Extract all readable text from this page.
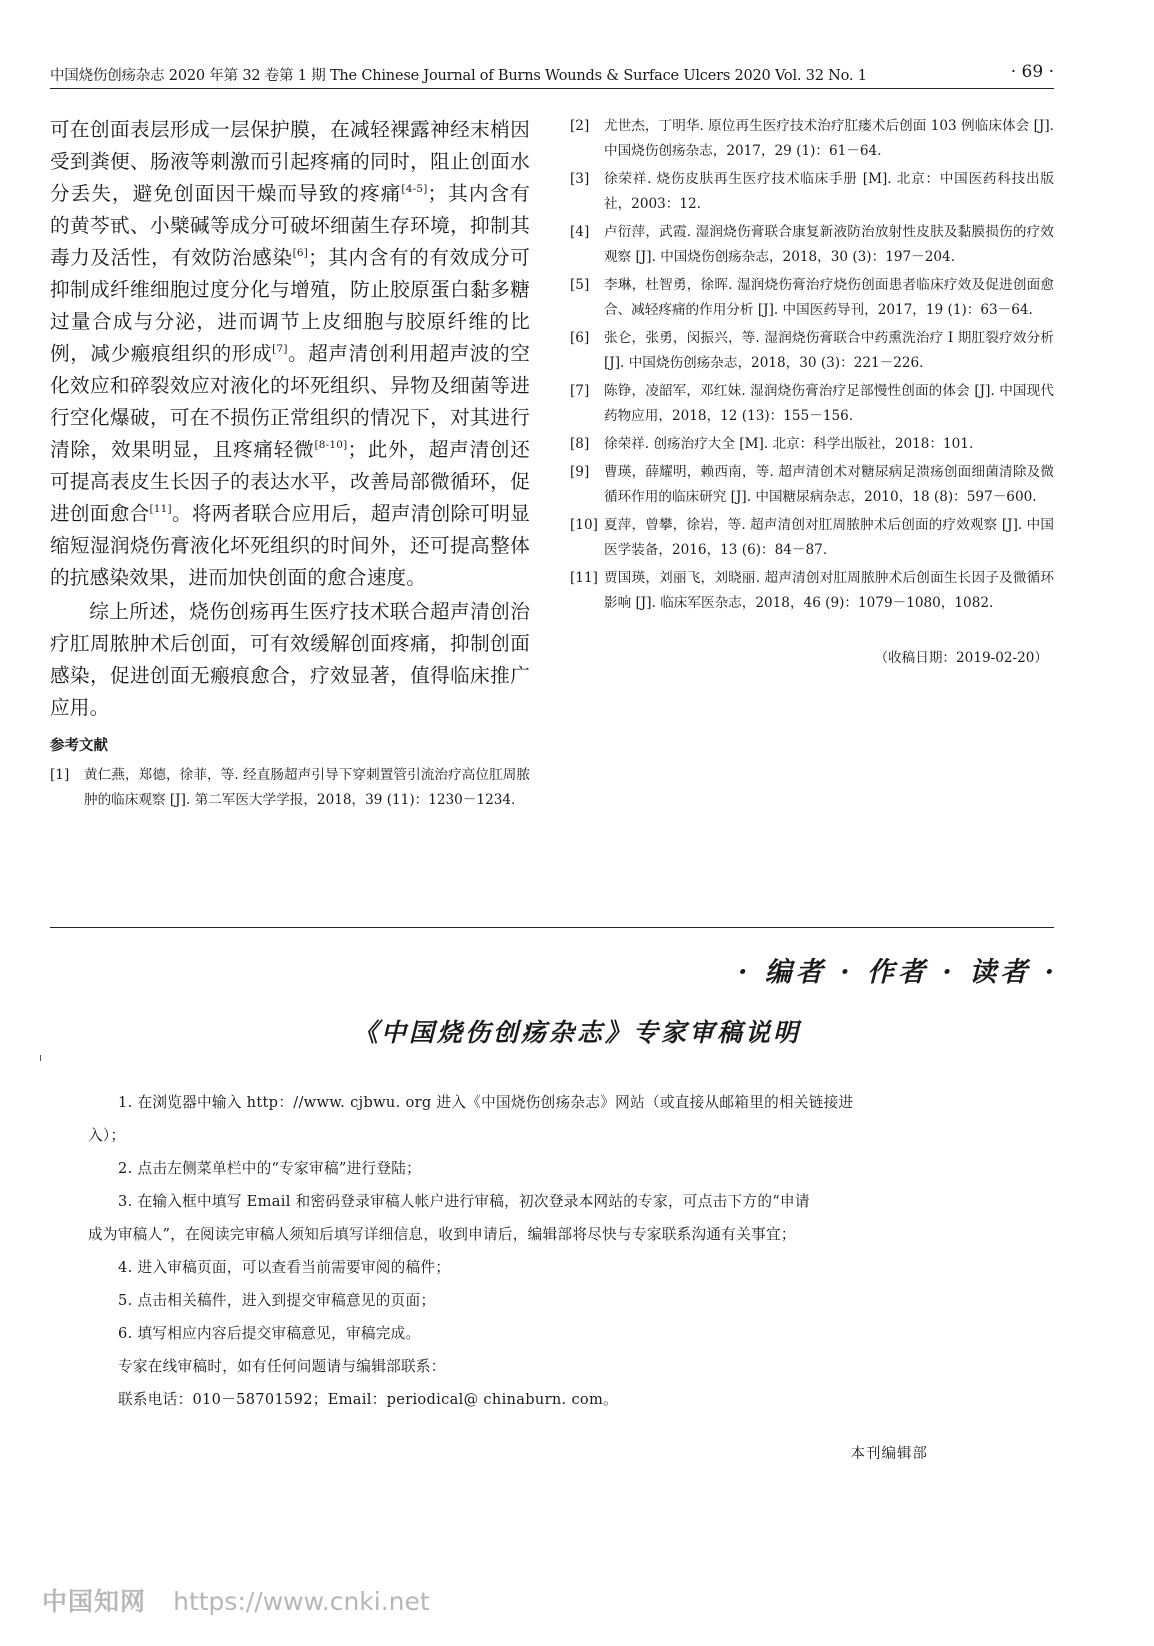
中国烧伤创疡杂志 2020 年第 32 卷第 1 期 The Chinese Journal of Burns Wounds & Surface Ulcers 2020 Vol. 32 No. 1	· 69 ·

可在创面表层形成一层保护膜，在减轻裸露神经末梢因受到粪便、肠液等刺激而引起疼痛的同时，阻止创面水分丢失，避免创面因干燥而导致的疼痛[4-5]；其内含有的黄芩甙、小檗碱等成分可破坏细菌生存环境，抑制其毒力及活性，有效防治感染[6]；其内含有的有效成分可抑制成纤维细胞过度分化与增殖，防止胶原蛋白黏多糖过量合成与分泌，进而调节上皮细胞与胶原纤维的比例，减少瘢痕组织的形成[7]。超声清创利用超声波的空化效应和碎裂效应对液化的坏死组织、异物及细菌等进行空化爆破，可在不损伤正常组织的情况下，对其进行清除，效果明显，且疼痛轻微[8-10]；此外，超声清创还可提高表皮生长因子的表达水平，改善局部微循环，促进创面愈合[11]。将两者联合应用后，超声清创除可明显缩短湿润烧伤膏液化坏死组织的时间外，还可提高整体的抗感染效果，进而加快创面的愈合速度。

综上所述，烧伤创疡再生医疗技术联合超声清创治疗肛周脓肿术后创面，可有效缓解创面疼痛，抑制创面感染，促进创面无瘢痕愈合，疗效显著，值得临床推广应用。

参考文献
[1] 黄仁燕，郑德，徐菲，等. 经直肠超声引导下穿刺置管引流治疗高位肛周脓肿的临床观察 [J]. 第二军医大学学报，2018，39 (11)：1230－1234.
[2] 尤世杰，丁明华. 原位再生医疗技术治疗肛瘘术后创面 103 例临床体会 [J]. 中国烧伤创疡杂志，2017，29 (1)：61－64.
[3] 徐荣祥. 烧伤皮肤再生医疗技术临床手册 [M]. 北京：中国医药科技出版社，2003：12.
[4] 卢衍萍，武霞. 湿润烧伤膏联合康复新液防治放射性皮肤及黏膜损伤的疗效观察 [J]. 中国烧伤创疡杂志，2018，30 (3)：197－204.
[5] 李琳，杜智勇，徐晖. 湿润烧伤膏治疗烧伤创面患者临床疗效及促进创面愈合、减轻疼痛的作用分析 [J]. 中国医药导刊，2017，19 (1)：63－64.
[6] 张仑，张勇，闵振兴，等. 湿润烧伤膏联合中药熏洗治疗 I 期肛裂疗效分析 [J]. 中国烧伤创疡杂志，2018，30 (3)：221－226.
[7] 陈铮，凌韶军，邓红妹. 湿润烧伤膏治疗足部慢性创面的体会 [J]. 中国现代药物应用，2018，12 (13)：155－156.
[8] 徐荣祥. 创疡治疗大全 [M]. 北京：科学出版社，2018：101.
[9] 曹瑛，薛耀明，赖西南，等. 超声清创术对糖尿病足溃疡创面细菌清除及微循环作用的临床研究 [J]. 中国糖尿病杂志，2010，18 (8)：597－600.
[10] 夏萍，曾攀，徐岩，等. 超声清创对肛周脓肿术后创面的疗效观察 [J]. 中国医学装备，2016，13 (6)：84－87.
[11] 贾国瑛，刘丽飞，刘晓丽. 超声清创对肛周脓肿术后创面生长因子及微循环影响 [J]. 临床军医杂志，2018，46 (9)：1079－1080，1082.
（收稿日期：2019-02-20）
· 编者 · 作者 · 读者 ·
《中国烧伤创疡杂志》专家审稿说明

1. 在浏览器中输入 http：//www. cjbwu. org 进入《中国烧伤创疡杂志》网站（或直接从邮箱里的相关链接进

入）；

2. 点击左侧菜单栏中的“专家审稿”进行登陆；

3. 在输入框中填写 Email 和密码登录审稿人帐户进行审稿，初次登录本网站的专家，可点击下方的“申请

成为审稿人”，在阅读完审稿人须知后填写详细信息，收到申请后，编辑部将尽快与专家联系沟通有关事宜；

4. 进入审稿页面，可以查看当前需要审阅的稿件；

5. 点击相关稿件，进入到提交审稿意见的页面；

6. 填写相应内容后提交审稿意见，审稿完成。

专家在线审稿时，如有任何问题请与编辑部联系：

联系电话：010－58701592；Email：periodical@ chinaburn. com。

本刊编辑部
中国知网 https://www.cnki.net
